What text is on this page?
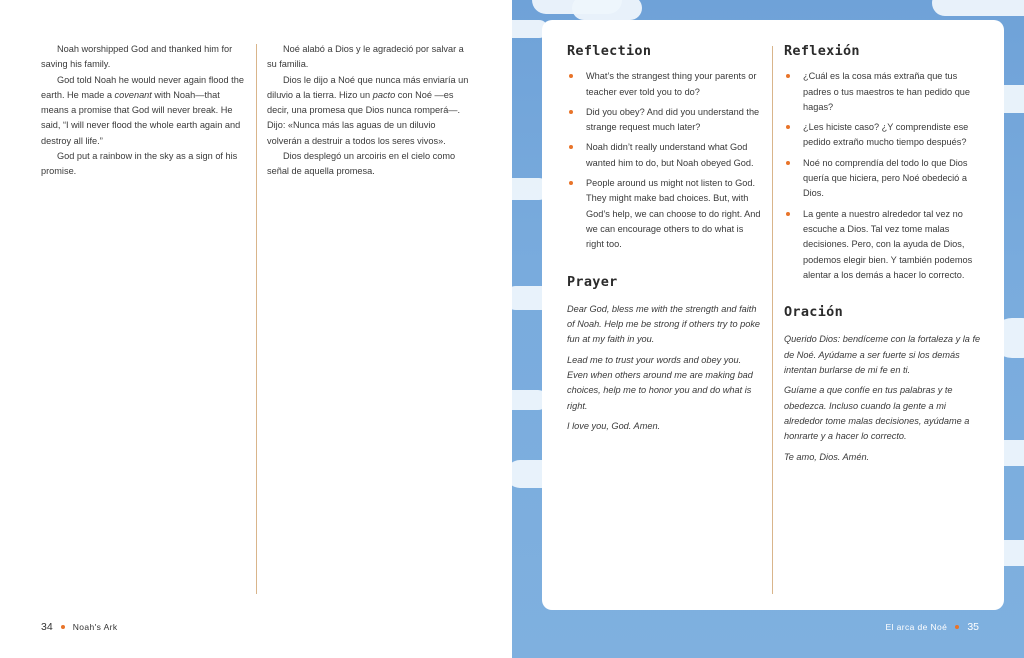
Noah worshipped God and thanked him for saving his family.

God told Noah he would never again flood the earth. He made a covenant with Noah—that means a promise that God will never break. He said, “I will never flood the whole earth again and destroy all life.”

God put a rainbow in the sky as a sign of his promise.

Noé alabó a Dios y le agradeció por salvar a su familia.

Dios le dijo a Noé que nunca más enviaría un diluvio a la tierra. Hizo un pacto con Noé —es decir, una promesa que Dios nunca romperá—. Dijo: «Nunca más las aguas de un diluvio volverán a destruir a todos los seres vivos».

Dios desplegó un arcoiris en el cielo como señal de aquella promesa.

34 Noah's Ark
Reflection
What’s the strangest thing your parents or teacher ever told you to do?
Did you obey? And did you understand the strange request much later?
Noah didn’t really understand what God wanted him to do, but Noah obeyed God.
People around us might not listen to God. They might make bad choices. But, with God’s help, we can choose to do right. And we can encourage others to do what is right too.
Prayer

Dear God, bless me with the strength and faith of Noah. Help me be strong if others try to poke fun at my faith in you.

Lead me to trust your words and obey you. Even when others around me are making bad choices, help me to honor you and do what is right.

I love you, God. Amen.

Reflexión
¿Cuál es la cosa más extraña que tus padres o tus maestros te han pedido que hagas?
¿Les hiciste caso? ¿Y comprendiste ese pedido extraño mucho tiempo después?
Noé no comprendía del todo lo que Dios quería que hiciera, pero Noé obedeció a Dios.
La gente a nuestro alrededor tal vez no escuche a Dios. Tal vez tome malas decisiones. Pero, con la ayuda de Dios, podemos elegir bien. Y también podemos alentar a los demás a hacer lo correcto.
Oración

Querido Dios: bendíceme con la fortaleza y la fe de Noé. Ayúdame a ser fuerte si los demás intentan burlarse de mi fe en ti.

Guíame a que confíe en tus palabras y te obedezca. Incluso cuando la gente a mi alrededor tome malas decisiones, ayúdame a honrarte y a hacer lo correcto.

Te amo, Dios. Amén.

El arca de Noé 35
